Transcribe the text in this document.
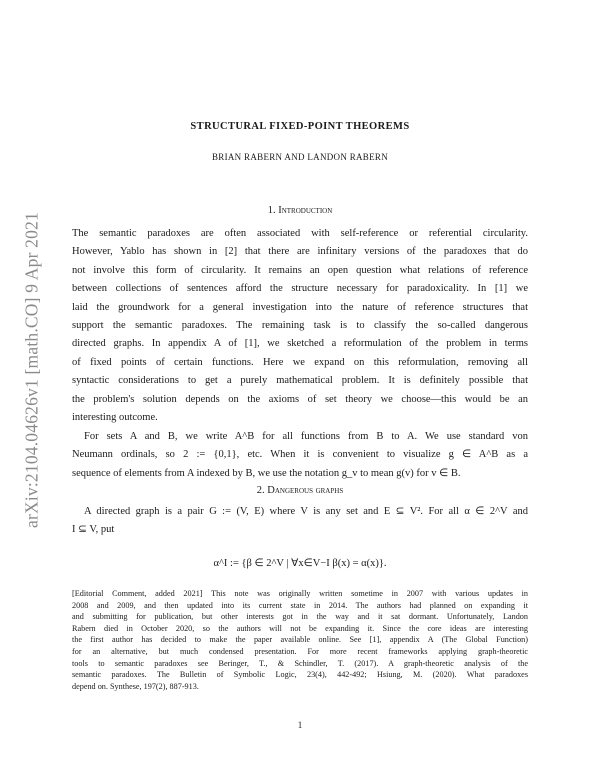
arXiv:2104.04626v1 [math.CO] 9 Apr 2021
STRUCTURAL FIXED-POINT THEOREMS
BRIAN RABERN AND LANDON RABERN
1. Introduction
The semantic paradoxes are often associated with self-reference or referential circularity.
However, Yablo has shown in [2] that there are infinitary versions of the paradoxes that do
not involve this form of circularity. It remains an open question what relations of reference
between collections of sentences afford the structure necessary for paradoxicality. In [1] we
laid the groundwork for a general investigation into the nature of reference structures that
support the semantic paradoxes. The remaining task is to classify the so-called dangerous
directed graphs. In appendix A of [1], we sketched a reformulation of the problem in terms
of fixed points of certain functions. Here we expand on this reformulation, removing all
syntactic considerations to get a purely mathematical problem. It is definitely possible that
the problem's solution depends on the axioms of set theory we choose—this would be an
interesting outcome.
For sets A and B, we write A^B for all functions from B to A. We use standard von
Neumann ordinals, so 2 := {0,1}, etc. When it is convenient to visualize g ∈ A^B as a
sequence of elements from A indexed by B, we use the notation g_v to mean g(v) for v ∈ B.
2. Dangerous graphs
A directed graph is a pair G := (V, E) where V is any set and E ⊆ V². For all α ∈ 2^V and
I ⊆ V, put
α^I := {β ∈ 2^V | ∀x∈V−I β(x) = α(x)}.
[Editorial Comment, added 2021] This note was originally written sometime in 2007 with various updates in
2008 and 2009, and then updated into its current state in 2014. The authors had planned on expanding it
and submitting for publication, but other interests got in the way and it sat dormant. Unfortunately, Landon
Rabern died in October 2020, so the authors will not be expanding it. Since the core ideas are interesting
the first author has decided to make the paper available online. See [1], appendix A (The Global Function)
for an alternative, but much condensed presentation. For more recent frameworks applying graph-theoretic
tools to semantic paradoxes see Beringer, T., & Schindler, T. (2017). A graph-theoretic analysis of the
semantic paradoxes. The Bulletin of Symbolic Logic, 23(4), 442-492; Hsiung, M. (2020). What paradoxes
depend on. Synthese, 197(2), 887-913.
1
